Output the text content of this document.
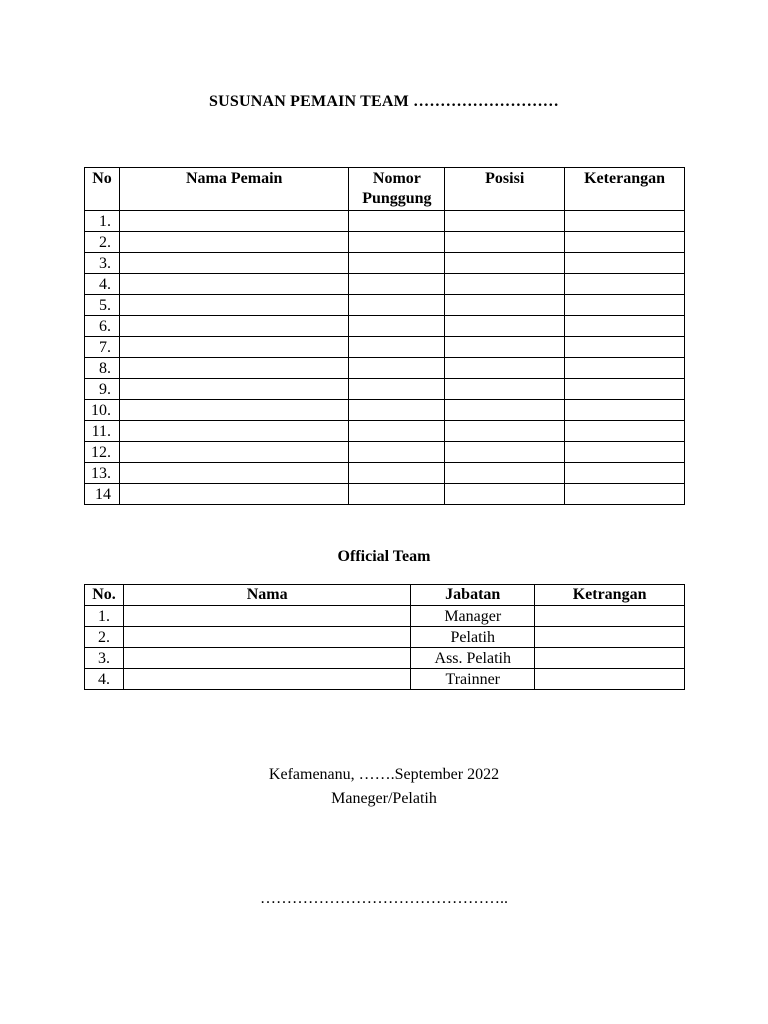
SUSUNAN PEMAIN TEAM ………………………
No	Nama Pemain	Nomor Punggung	Posisi	Keterangan
1.				
2.				
3.				
4.				
5.				
6.				
7.				
8.				
9.				
10.				
11.				
12.				
13.				
14				
Official Team
No.	Nama	Jabatan	Ketrangan
1.		Manager	
2.		Pelatih	
3.		Ass. Pelatih	
4.		Trainner	
Kefamenanu, …….September 2022
Maneger/Pelatih
………………………………………..
